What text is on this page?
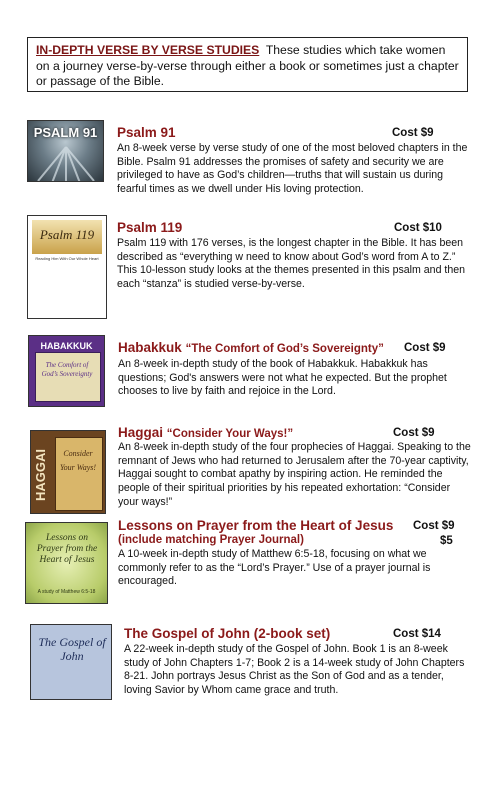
IN-DEPTH VERSE BY VERSE STUDIES These studies which take women on a journey verse-by-verse through either a book or sometimes just a chapter or passage of the Bible.
PSALM 91	Psalm 91	Cost $9
An 8-week verse by verse study of one of the most beloved chapters in the Bible. Psalm 91 addresses the promises of safety and security we are privileged to have as God’s children—truths that will sustain us during fearful times as we dwell under His loving protection.
Psalm 119
Reading Him With Our Whole Heart
Psalm 119	Cost $10
Psalm 119 with 176 verses, is the longest chapter in the Bible. It has been described as “everything w need to know about God’s word from A to Z.” This 10-lesson study looks at the themes presented in this psalm and then each “stanza” is studied verse-by-verse.
HABAKKUK
The Comfort of God’s Sovereignty
Habakkuk “The Comfort of God’s Sovereignty” Cost $9
An 8-week in-depth study of the book of Habakkuk. Habakkuk has questions; God's answers were not what he expected. But the prophet chooses to live by faith and rejoice in the Lord.
HAGGAI	Consider Your Ways!
Haggai “Consider Your Ways!”	Cost $9
An 8-week in-depth study of the four prophecies of Haggai. Speaking to the remnant of Jews who had returned to Jerusalem after the 70-year captivity, Haggai sought to combat apathy by inspiring action. He reminded the people of their spiritual priorities by his repeated exhortation: “Consider your ways!”
Lessons on Prayer from the Heart of Jesus
A study of Matthew 6:5-18
Lessons on Prayer from the Heart of Jesus
(include matching Prayer Journal)
Cost $9
$5
A 10-week in-depth study of Matthew 6:5-18, focusing on what we commonly refer to as the “Lord’s Prayer.” Use of a prayer journal is encouraged.
The Gospel of John
The Gospel of John (2-book set)	Cost $14
A 22-week in-depth study of the Gospel of John. Book 1 is an 8-week study of John Chapters 1-7; Book 2 is a 14-week study of John Chapters 8-21. John portrays Jesus Christ as the Son of God and as a tender, loving Savior by Whom came grace and truth.
